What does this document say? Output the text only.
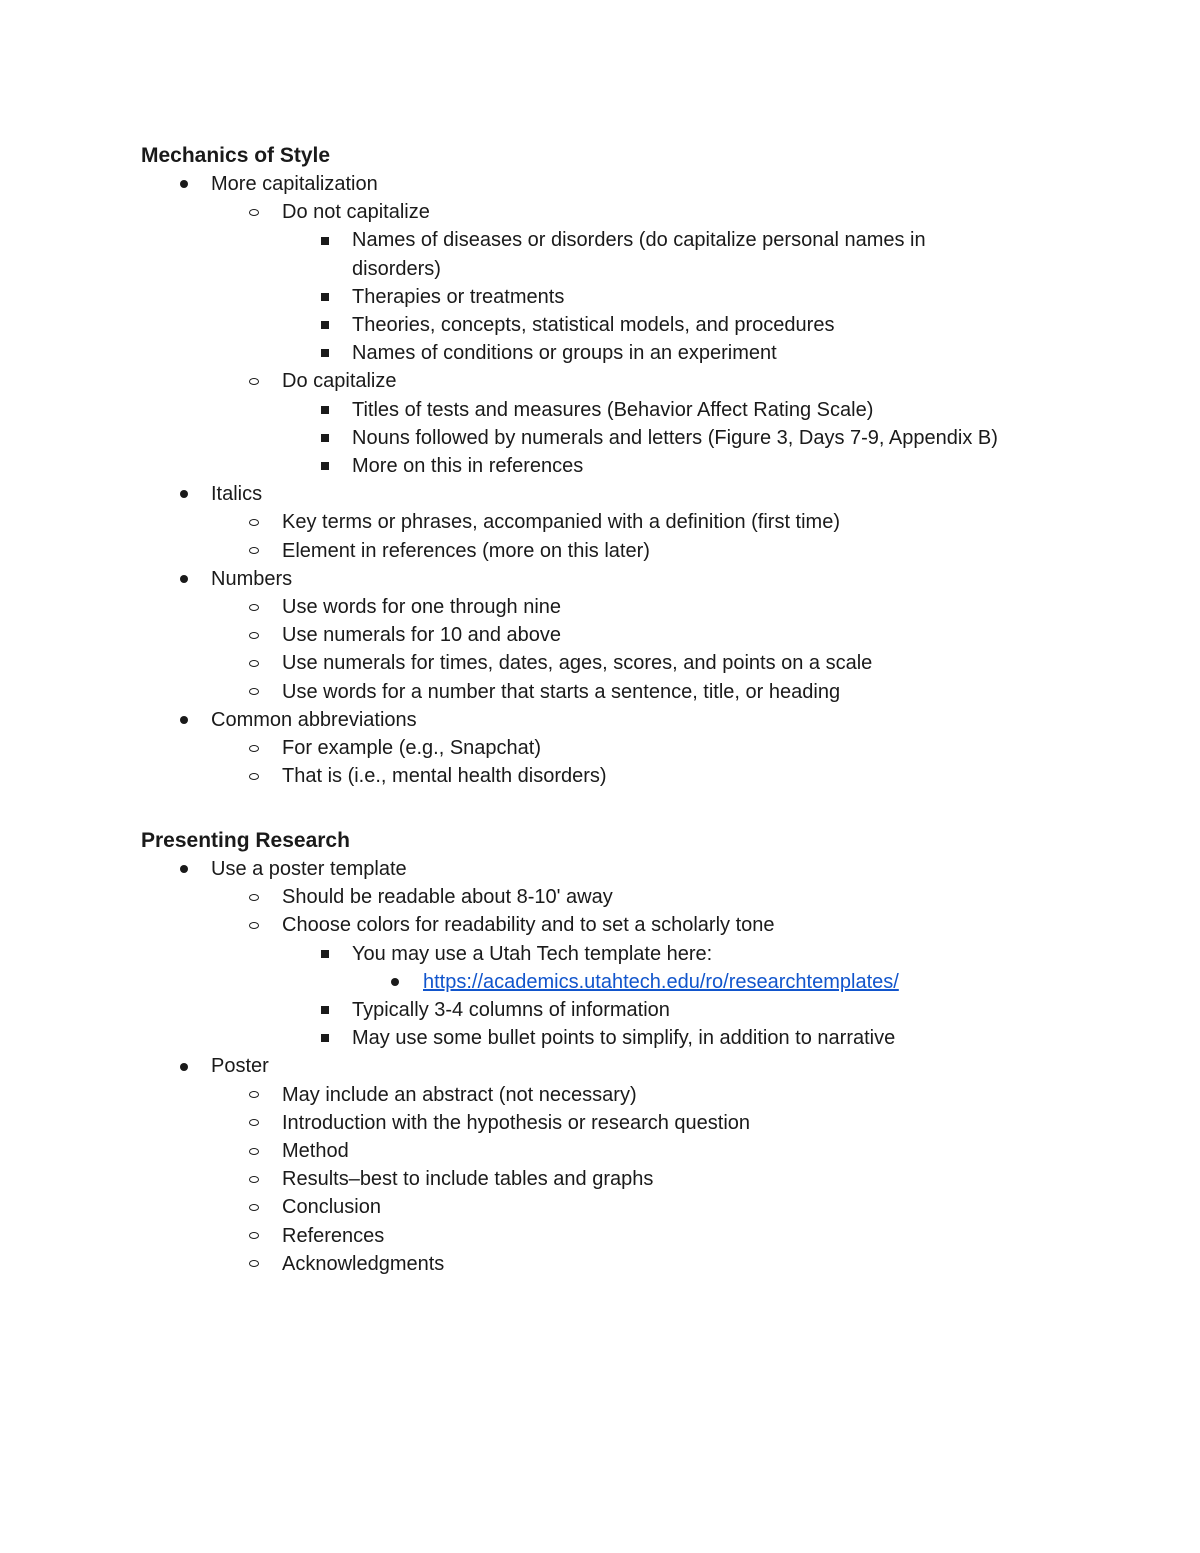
Mechanics of Style
More capitalization
Do not capitalize
Names of diseases or disorders (do capitalize personal names in disorders)
Therapies or treatments
Theories, concepts, statistical models, and procedures
Names of conditions or groups in an experiment
Do capitalize
Titles of tests and measures (Behavior Affect Rating Scale)
Nouns followed by numerals and letters (Figure 3, Days 7-9, Appendix B)
More on this in references
Italics
Key terms or phrases, accompanied with a definition (first time)
Element in references (more on this later)
Numbers
Use words for one through nine
Use numerals for 10 and above
Use numerals for times, dates, ages, scores, and points on a scale
Use words for a number that starts a sentence, title, or heading
Common abbreviations
For example (e.g., Snapchat)
That is (i.e., mental health disorders)
Presenting Research
Use a poster template
Should be readable about 8-10' away
Choose colors for readability and to set a scholarly tone
You may use a Utah Tech template here:
https://academics.utahtech.edu/ro/researchtemplates/
Typically 3-4 columns of information
May use some bullet points to simplify, in addition to narrative
Poster
May include an abstract (not necessary)
Introduction with the hypothesis or research question
Method
Results–best to include tables and graphs
Conclusion
References
Acknowledgments
